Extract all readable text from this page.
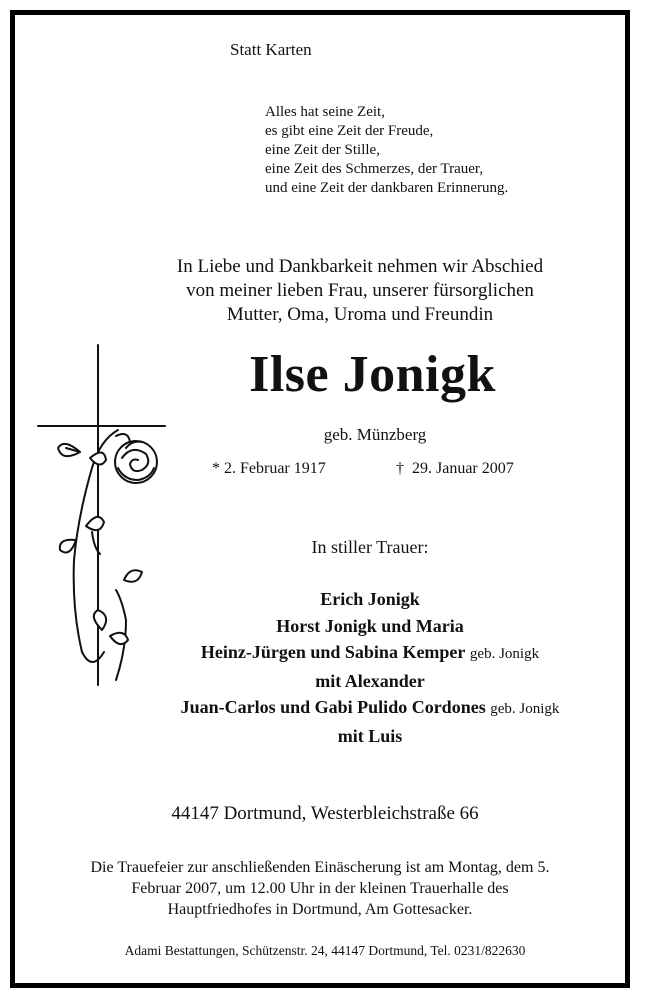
Statt Karten
Alles hat seine Zeit,
es gibt eine Zeit der Freude,
eine Zeit der Stille,
eine Zeit des Schmerzes, der Trauer,
und eine Zeit der dankbaren Erinnerung.
In Liebe und Dankbarkeit nehmen wir Abschied
von meiner lieben Frau, unserer fürsorglichen
Mutter, Oma, Uroma und Freundin
Ilse Jonigk
geb. Münzberg
* 2. Februar 1917	† 29. Januar 2007
In stiller Trauer:
Erich Jonigk
Horst Jonigk und Maria
Heinz-Jürgen und Sabina Kemper geb. Jonigk
mit Alexander
Juan-Carlos und Gabi Pulido Cordones geb. Jonigk
mit Luis
44147 Dortmund, Westerbleichstraße 66
Die Trauefeier zur anschließenden Einäscherung ist am Montag, dem 5.
Februar 2007, um 12.00 Uhr in der kleinen Trauerhalle des
Hauptfriedhofes in Dortmund, Am Gottesacker.
Adami Bestattungen, Schützenstr. 24, 44147 Dortmund, Tel. 0231/822630
